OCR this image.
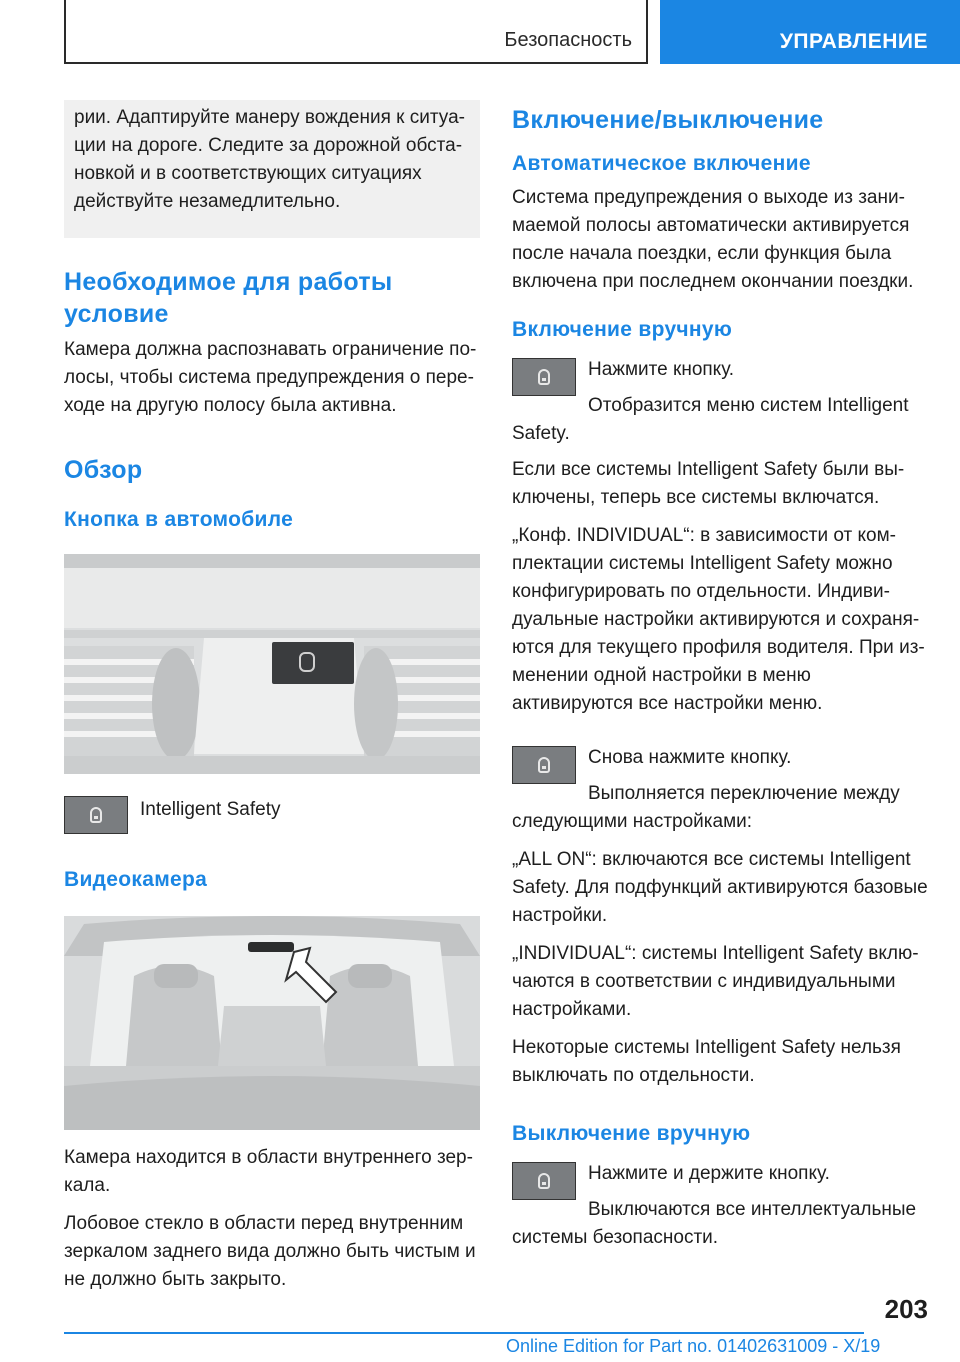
Безопасность	УПРАВЛЕНИЕ

рии. Адаптируйте манеру вождения к ситуации на дороге. Следите за дорожной обстановкой и в соответствующих ситуациях действуйте незамедлительно.

Необходимое для работы условие

Камера должна распознавать ограничение полосы, чтобы система предупреждения о переходе на другую полосу была активна.

Обзор
Кнопка в автомобиле

Intelligent Safety

Видеокамера

Камера находится в области внутреннего зеркала.

Лобовое стекло в области перед внутренним зеркалом заднего вида должно быть чистым и не должно быть закрыто.

Включение/выключение
Автоматическое включение

Система предупреждения о выходе из занимаемой полосы автоматически активируется после начала поездки, если функция была включена при последнем окончании поездки.

Включение вручную

Нажмите кнопку.

Отобразится меню систем Intelligent Safety.

Если все системы Intelligent Safety были выключены, теперь все системы включатся.

„Конф. INDIVIDUAL“: в зависимости от комплектации системы Intelligent Safety можно конфигурировать по отдельности. Индивидуальные настройки активируются и сохраняются для текущего профиля водителя. При изменении одной настройки в меню активируются все настройки меню.

Снова нажмите кнопку.

Выполняется переключение между следующими настройками:

„ALL ON“: включаются все системы Intelligent Safety. Для подфункций активируются базовые настройки.

„INDIVIDUAL“: системы Intelligent Safety включаются в соответствии с индивидуальными настройками.

Некоторые системы Intelligent Safety нельзя выключать по отдельности.

Выключение вручную

Нажмите и держите кнопку.

Выключаются все интеллектуальные системы безопасности.

203
Online Edition for Part no. 01402631009 - X/19
